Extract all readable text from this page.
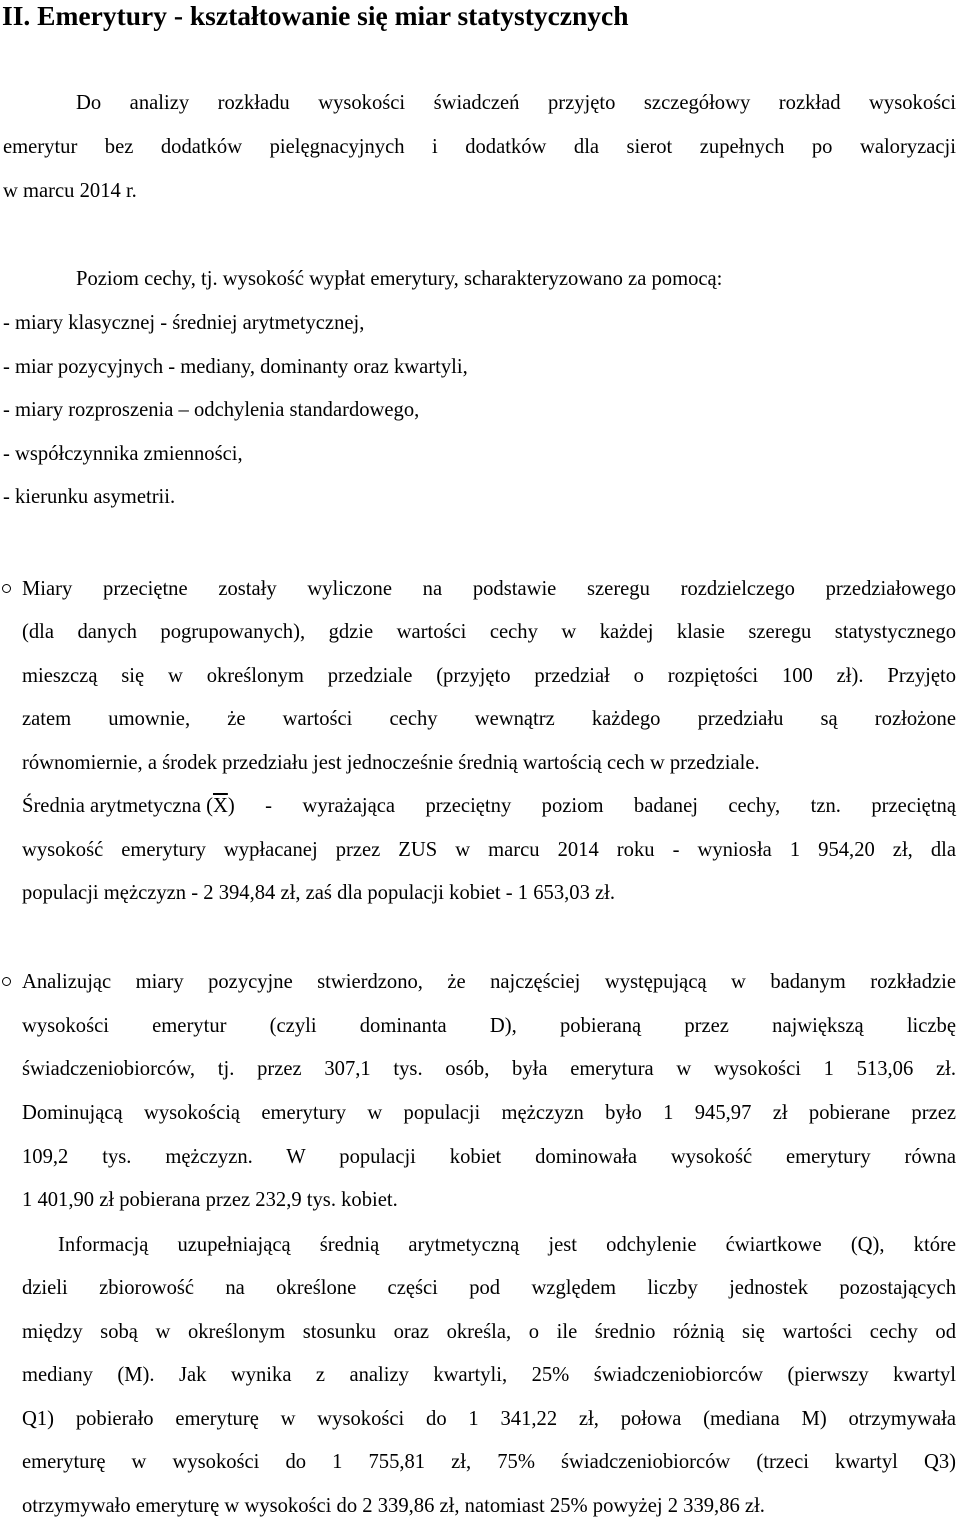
II. Emerytury - kształtowanie się miar statystycznych
Do analizy rozkładu wysokości świadczeń przyjęto szczegółowy rozkład wysokości
emerytur bez dodatków pielęgnacyjnych i dodatków dla sierot zupełnych po waloryzacji
w marcu 2014 r.
Poziom cechy, tj. wysokość wypłat emerytury, scharakteryzowano za pomocą:
- miary klasycznej - średniej arytmetycznej,
- miar pozycyjnych - mediany, dominanty oraz kwartyli,
- miary rozproszenia – odchylenia standardowego,
- współczynnika zmienności,
- kierunku asymetrii.
Miary przeciętne zostały wyliczone na podstawie szeregu rozdzielczego przedziałowego
(dla danych pogrupowanych), gdzie wartości cechy w każdej klasie szeregu statystycznego
mieszczą się w określonym przedziale (przyjęto przedział o rozpiętości 100 zł). Przyjęto
zatem umownie, że wartości cechy wewnątrz każdego przedziału są rozłożone
równomiernie, a środek przedziału jest jednocześnie średnią wartością cech w przedziale.
Średnia arytmetyczna ( $\overline{X}$ ) - wyrażająca przeciętny poziom badanej cechy, tzn. przeciętną
wysokość emerytury wypłacanej przez ZUS w marcu 2014 roku - wyniosła 1 954,20 zł, dla
populacji mężczyzn - 2 394,84 zł, zaś dla populacji kobiet - 1 653,03 zł.
Analizując miary pozycyjne stwierdzono, że najczęściej występującą w badanym rozkładzie
wysokości emerytur (czyli dominanta D), pobieraną przez największą liczbę
świadczeniobiorców, tj. przez 307,1 tys. osób, była emerytura w wysokości 1 513,06 zł.
Dominującą wysokością emerytury w populacji mężczyzn było 1 945,97 zł pobierane przez
109,2 tys. mężczyzn. W populacji kobiet dominowała wysokość emerytury równa
1 401,90 zł pobierana przez 232,9 tys. kobiet.
Informacją uzupełniającą średnią arytmetyczną jest odchylenie ćwiartkowe (Q), które
dzieli zbiorowość na określone części pod względem liczby jednostek pozostających
między sobą w określonym stosunku oraz określa, o ile średnio różnią się wartości cechy od
mediany (M). Jak wynika z analizy kwartyli, 25% świadczeniobiorców (pierwszy kwartyl
Q1) pobierało emeryturę w wysokości do 1 341,22 zł, połowa (mediana M) otrzymywała
emeryturę w wysokości do 1 755,81 zł, 75% świadczeniobiorców (trzeci kwartyl Q3)
otrzymywało emeryturę w wysokości do 2 339,86 zł, natomiast 25% powyżej 2 339,86 zł.
